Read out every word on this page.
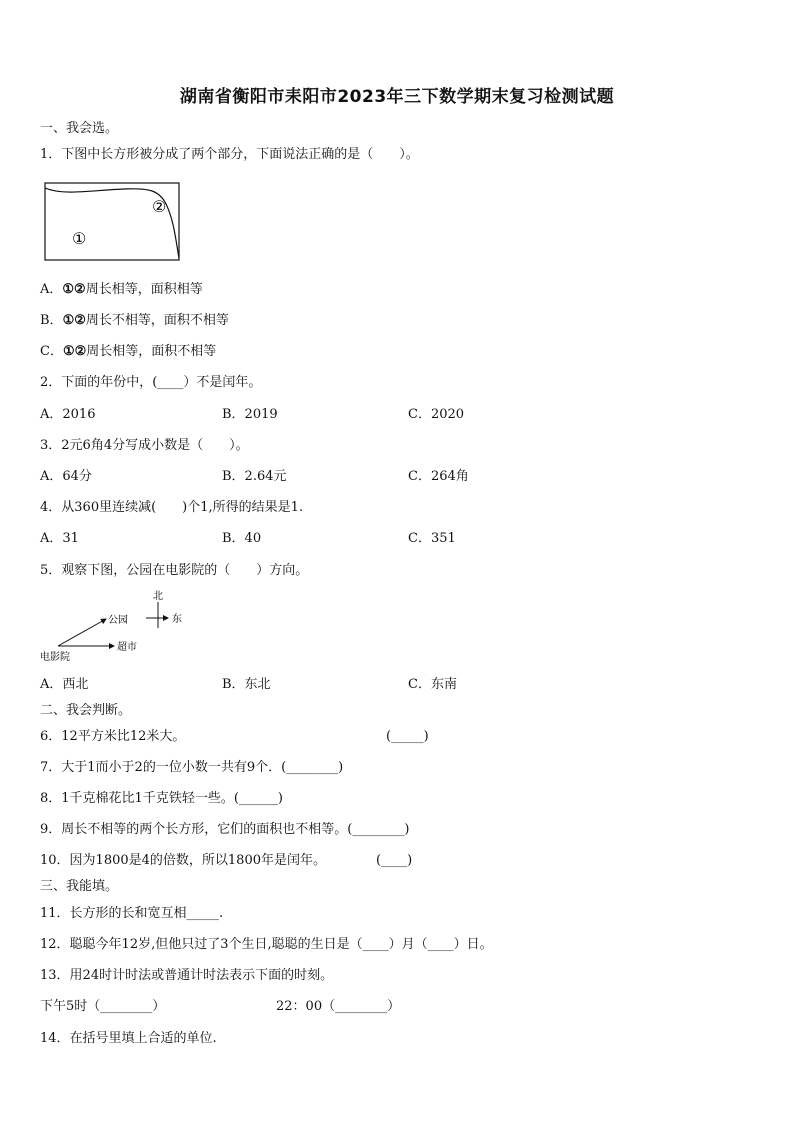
湖南省衡阳市耒阳市2023年三下数学期末复习检测试题
一、我会选。
1．下图中长方形被分成了两个部分，下面说法正确的是（　　）。
①
②
A．①②周长相等，面积相等
B．①②周长不相等，面积不相等
C．①②周长相等，面积不相等
2．下面的年份中，(____）不是闰年。
A．2016	B．2019	C．2020
3．2元6角4分写成小数是（　　）。
A．64分	B．2.64元	C．264角
4．从360里连续减(　　)个1,所得的结果是1.
A．31	B．40	C．351
5．观察下图，公园在电影院的（　　）方向。
北
东
公园
超市
电影院
A．西北	B．东北	C．东南
二、我会判断。
6．12平方米比12米大。	(_____)
7．大于1而小于2的一位小数一共有9个．(________)
8．1千克棉花比1千克铁轻一些。(______)
9．周长不相等的两个长方形，它们的面积也不相等。(________)
10．因为1800是4的倍数，所以1800年是闰年。	(____)
三、我能填。
11．长方形的长和宽互相_____.
12．聪聪今年12岁,但他只过了3个生日,聪聪的生日是（____）月（____）日。
13．用24时计时法或普通计时法表示下面的时刻。
下午5时（________）	22：00（________）
14．在括号里填上合适的单位.
